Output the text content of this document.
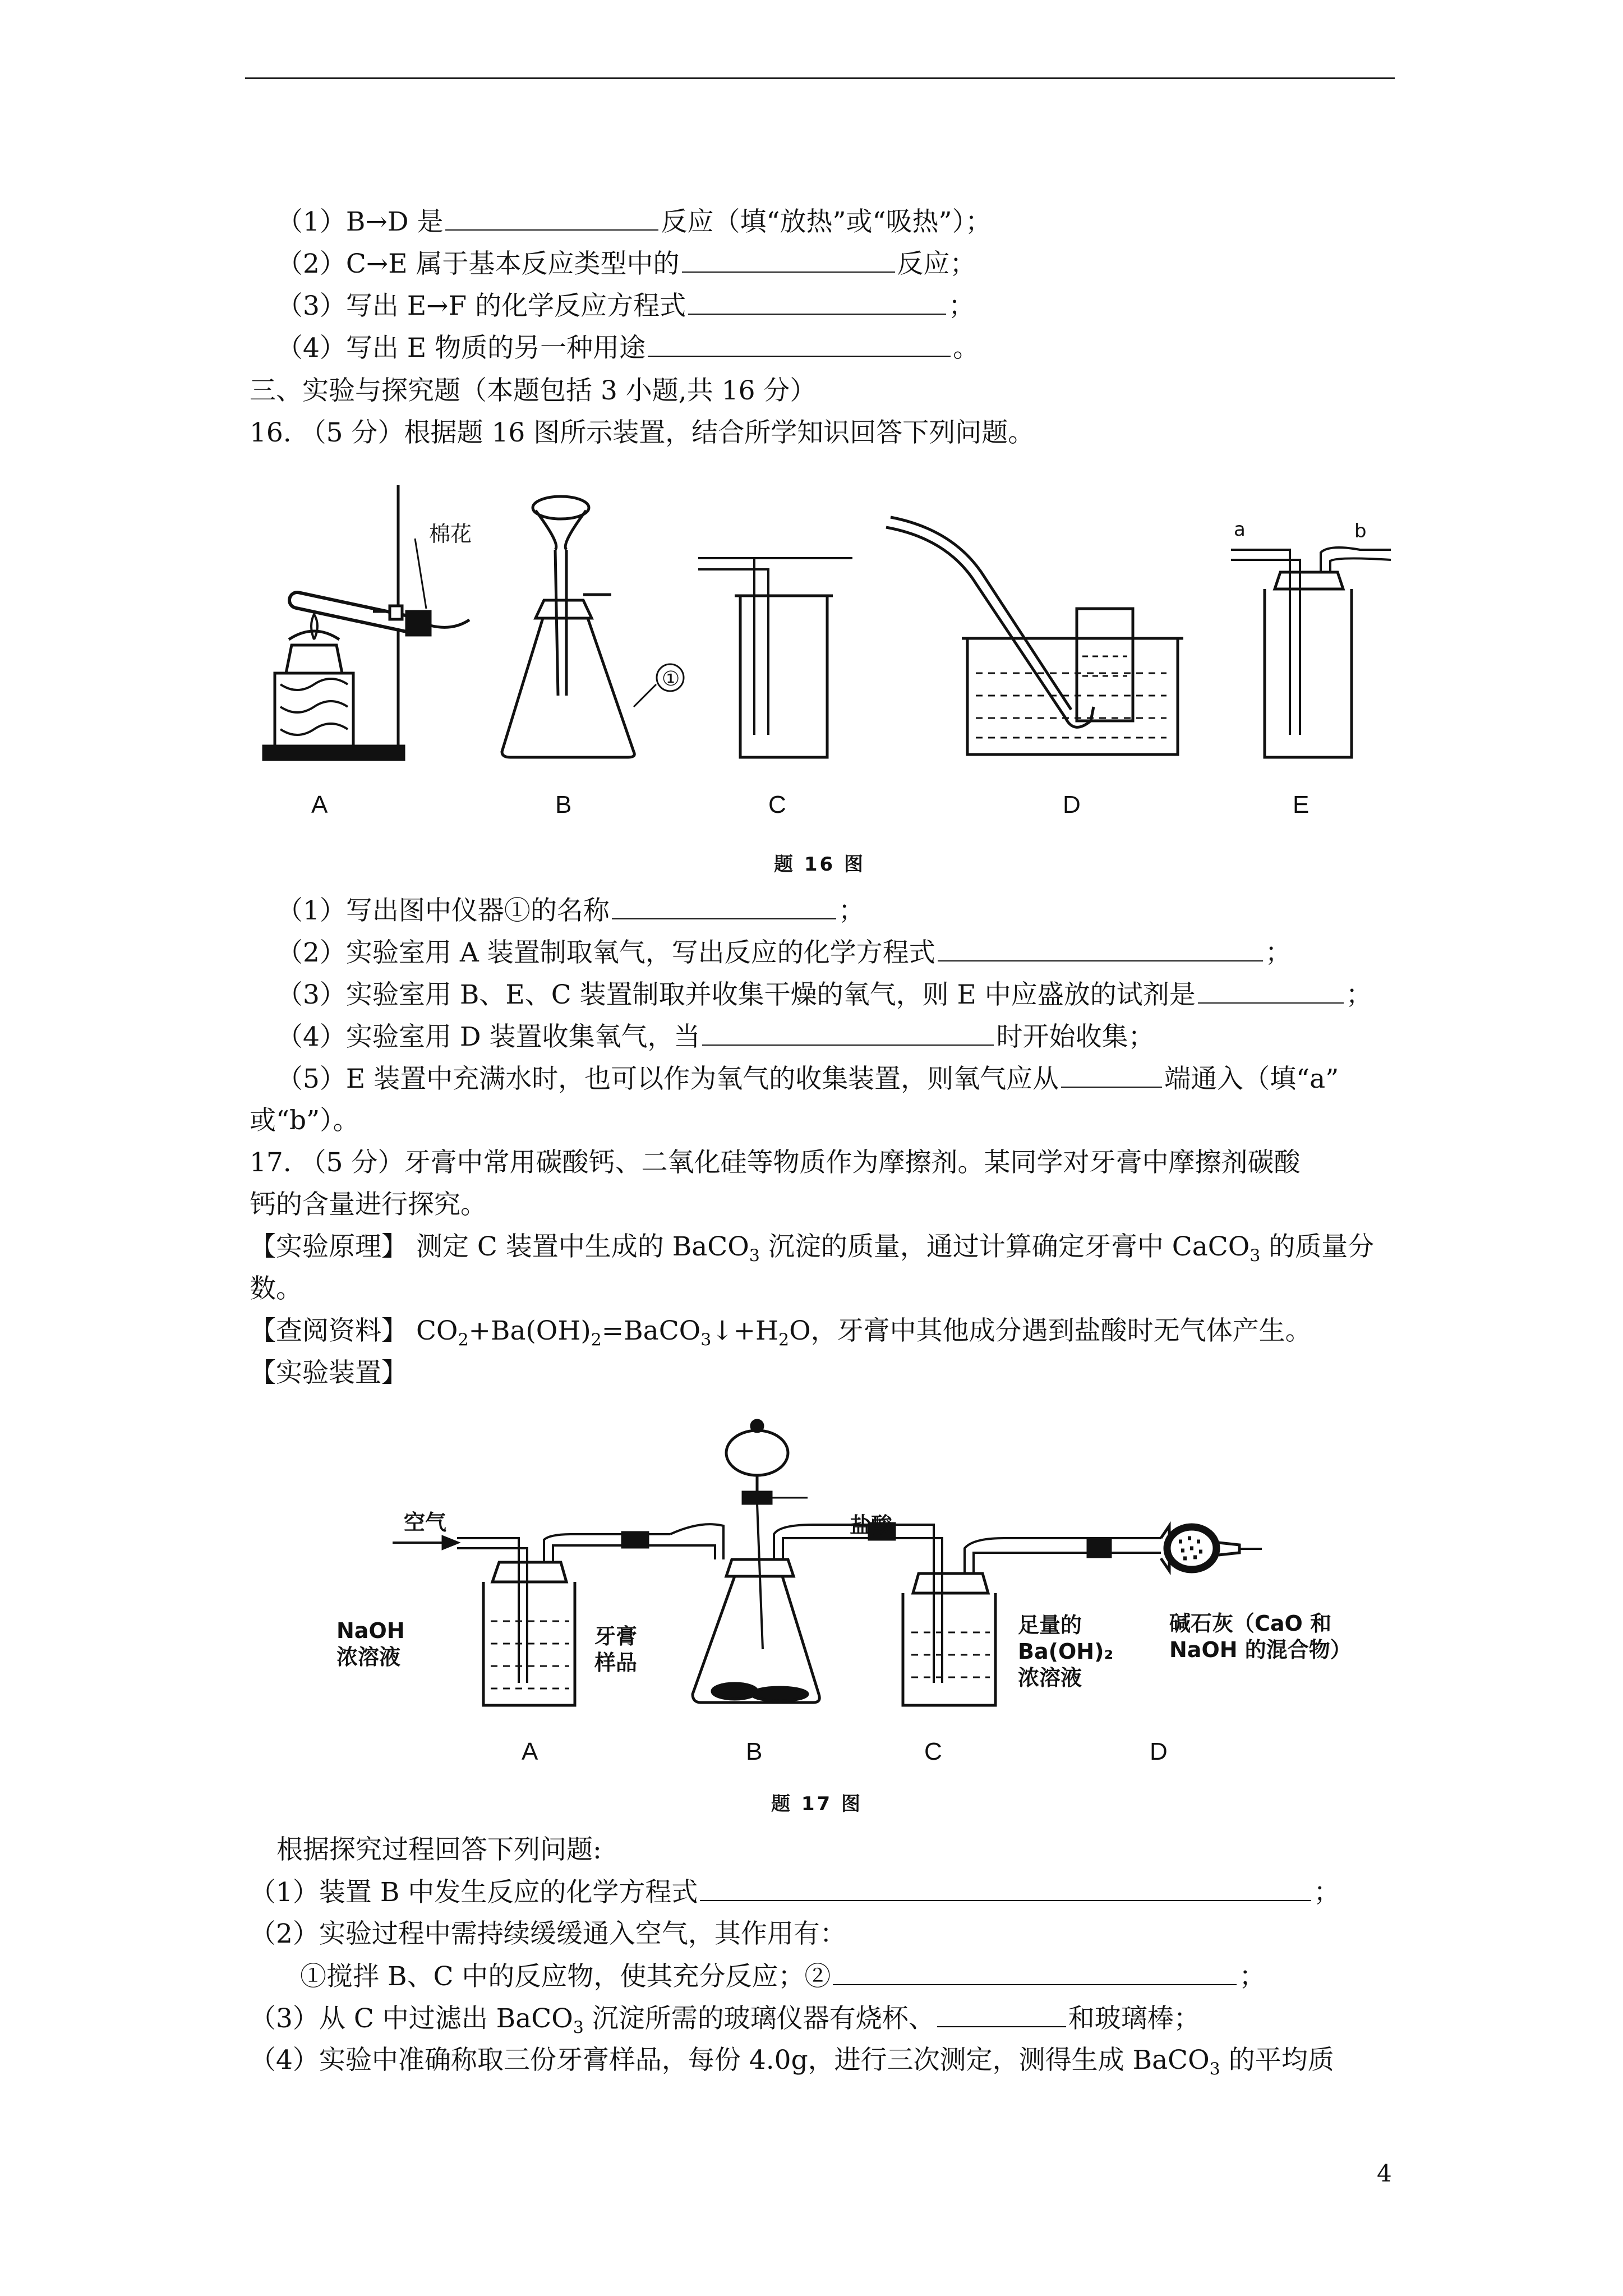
（1）B→D 是	反应（填“放热”或“吸热”）；
（2）C→E 属于基本反应类型中的	反应；
（3）写出 E→F 的化学反应方程式	；
（4）写出 E 物质的另一种用途	。
三、实验与探究题（本题包括 3 小题,共 16 分）
16. （5 分）根据题 16 图所示装置，结合所学知识回答下列问题。
棉花
①
a	b
A	B	C	D	E
题 16 图
（1）写出图中仪器①的名称	；
（2）实验室用 A 装置制取氧气，写出反应的化学方程式	；
（3）实验室用 B、E、C 装置制取并收集干燥的氧气，则 E 中应盛放的试剂是	；
（4）实验室用 D 装置收集氧气，当	时开始收集；
（5）E 装置中充满水时，也可以作为氧气的收集装置，则氧气应从	端通入（填“a”
或“b”）。
17. （5 分）牙膏中常用碳酸钙、二氧化硅等物质作为摩擦剂。某同学对牙膏中摩擦剂碳酸
钙的含量进行探究。
【实验原理】 测定 C 装置中生成的 BaCO$_3$ 沉淀的质量，通过计算确定牙膏中 CaCO$_3$ 的质量分
数。
【查阅资料】 $CO_2+Ba(OH)_2=BaCO_3↓+H_2O$，牙膏中其他成分遇到盐酸时无气体产生。
【实验装置】
盐酸
空气
NaOH
浓溶液
牙膏
样品
足量的
Ba(OH)₂
浓溶液
碱石灰（CaO 和
NaOH 的混合物）
A	B	C	D
题 17 图
根据探究过程回答下列问题:
（1）装置 B 中发生反应的化学方程式	；
（2）实验过程中需持续缓缓通入空气，其作用有：
①搅拌 B、C 中的反应物，使其充分反应；②	；
（3）从 C 中过滤出 BaCO$_3$ 沉淀所需的玻璃仪器有烧杯、	和玻璃棒；
（4）实验中准确称取三份牙膏样品，每份 4.0g，进行三次测定，测得生成 BaCO$_3$ 的平均质
4
